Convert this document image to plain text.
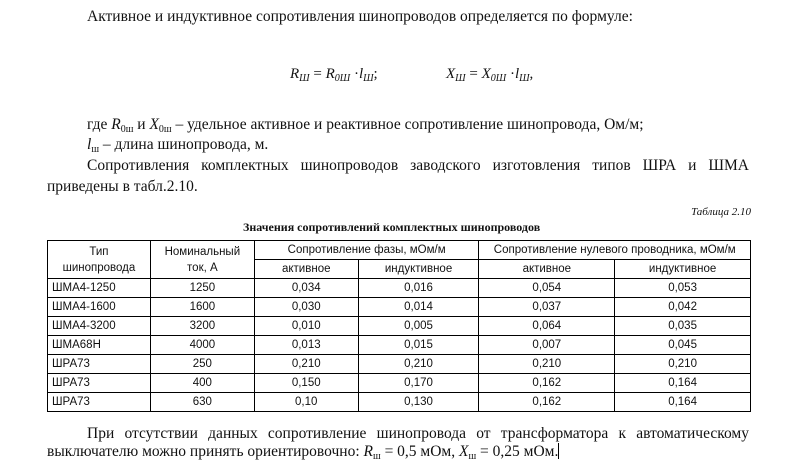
Активное и индуктивное сопротивления шинопроводов определяется по формуле:
$R_Ш = R_{0Ш} \cdot l_Ш$;	$X_Ш = X_{0Ш} \cdot l_Ш$,
где $R_{0ш}$ и $X_{0ш}$ – удельное активное и реактивное сопротивление шинопровода, Ом/м;
$l_ш$ – длина шинопровода, м.
Сопротивления комплектных шинопроводов заводского изготовления типов ШРА и ШМА
приведены в табл.2.10.
Таблица 2.10
Значения сопротивлений комплектных шинопроводов
Тип шинопровода	Номинальный ток, А	Сопротивление фазы, мОм/м		Сопротивление нулевого проводника, мОм/м	
		активное	индуктивное	активное	индуктивное
ШМА4-1250	1250	0,034	0,016	0,054	0,053
ШМА4-1600	1600	0,030	0,014	0,037	0,042
ШМА4-3200	3200	0,010	0,005	0,064	0,035
ШМА68Н	4000	0,013	0,015	0,007	0,045
ШРА73	250	0,210	0,210	0,210	0,210
ШРА73	400	0,150	0,170	0,162	0,164
ШРА73	630	0,10	0,130	0,162	0,164
При отсутствии данных сопротивление шинопровода от трансформатора к автоматическому
выключателю можно принять ориентировочно: $R_ш = 0,5$ мОм, $X_ш = 0,25$ мОм.
